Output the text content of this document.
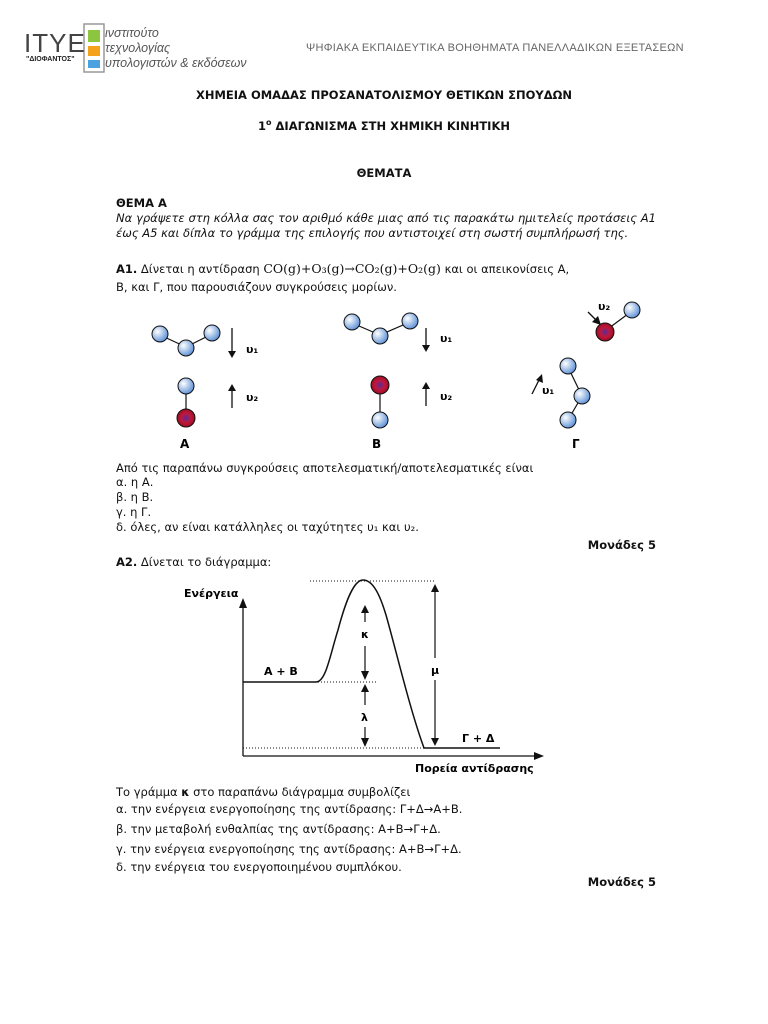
ΙΤΥΕ
"ΔΙΟΦΑΝΤΟΣ"
ινστιτούτο
τεχνολογίας
υπολογιστών & εκδόσεων
ΨΗΦΙΑΚΑ ΕΚΠΑΙΔΕΥΤΙΚΑ ΒΟΗΘΗΜΑΤΑ ΠΑΝΕΛΛΑΔΙΚΩΝ ΕΞΕΤΑΣΕΩΝ
ΧΗΜΕΙΑ ΟΜΑΔΑΣ ΠΡΟΣΑΝΑΤΟΛΙΣΜΟΥ ΘΕΤΙΚΩΝ ΣΠΟΥΔΩΝ
$1^o$ ΔΙΑΓΩΝΙΣΜΑ ΣΤΗ ΧΗΜΙΚΗ ΚΙΝΗΤΙΚΗ
ΘΕΜΑΤΑ
ΘΕΜΑ Α
Να γράψετε στη κόλλα σας τον αριθμό κάθε μιας από τις παρακάτω ημιτελείς προτάσεις Α1 έως Α5 και δίπλα το γράμμα της επιλογής που αντιστοιχεί στη σωστή συμπλήρωσή της.
Α1. Δίνεται η αντίδραση CO(g)+O₃(g)→CO₂(g)+O₂(g) και οι απεικονίσεις Α,
Β, και Γ, που παρουσιάζουν συγκρούσεις μορίων.
υ₁
υ₂
Α
υ₁
υ₂
Β
υ₂
υ₁
Γ
Από τις παραπάνω συγκρούσεις αποτελεσματική/αποτελεσματικές είναι
α. η Α.
β. η Β.
γ. η Γ.
δ. όλες, αν είναι κατάλληλες οι ταχύτητες υ₁ και υ₂.
Μονάδες 5
Α2. Δίνεται το διάγραμμα:
Ενέργεια
Πορεία αντίδρασης
κ
λ
μ
Α + Β
Γ + Δ
Το γράμμα κ στο παραπάνω διάγραμμα συμβολίζει
α. την ενέργεια ενεργοποίησης της αντίδρασης: Γ+Δ→Α+Β.
β. την μεταβολή ενθαλπίας της αντίδρασης: Α+Β→Γ+Δ.
γ. την ενέργεια ενεργοποίησης της αντίδρασης: Α+Β→Γ+Δ.
δ. την ενέργεια του ενεργοποιημένου συμπλόκου.
Μονάδες 5
